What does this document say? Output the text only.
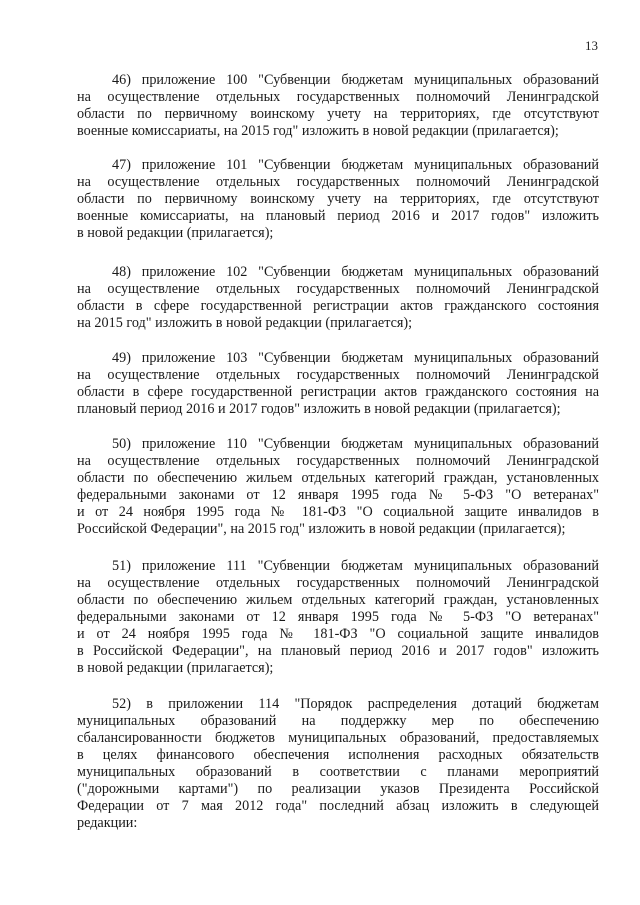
13
46) приложение 100 "Субвенции бюджетам муниципальных образований
на осуществление отдельных государственных полномочий Ленинградской
области по первичному воинскому учету на территориях, где отсутствуют
военные комиссариаты, на 2015 год" изложить в новой редакции (прилагается);
47) приложение 101 "Субвенции бюджетам муниципальных образований
на осуществление отдельных государственных полномочий Ленинградской
области по первичному воинскому учету на территориях, где отсутствуют
военные комиссариаты, на плановый период 2016 и 2017 годов" изложить
в новой редакции (прилагается);
48) приложение 102 "Субвенции бюджетам муниципальных образований
на осуществление отдельных государственных полномочий Ленинградской
области в сфере государственной регистрации актов гражданского состояния
на 2015 год" изложить в новой редакции (прилагается);
49) приложение 103 "Субвенции бюджетам муниципальных образований
на осуществление отдельных государственных полномочий Ленинградской
области в сфере государственной регистрации актов гражданского состояния на
плановый период 2016 и 2017 годов" изложить в новой редакции (прилагается);
50) приложение 110 "Субвенции бюджетам муниципальных образований
на осуществление отдельных государственных полномочий Ленинградской
области по обеспечению жильем отдельных категорий граждан, установленных
федеральными законами от 12 января 1995 года № 5-ФЗ "О ветеранах"
и от 24 ноября 1995 года № 181-ФЗ "О социальной защите инвалидов в
Российской Федерации", на 2015 год" изложить в новой редакции (прилагается);
51) приложение 111 "Субвенции бюджетам муниципальных образований
на осуществление отдельных государственных полномочий Ленинградской
области по обеспечению жильем отдельных категорий граждан, установленных
федеральными законами от 12 января 1995 года № 5-ФЗ "О ветеранах"
и от 24 ноября 1995 года № 181-ФЗ "О социальной защите инвалидов
в Российской Федерации", на плановый период 2016 и 2017 годов" изложить
в новой редакции (прилагается);
52) в приложении 114 "Порядок распределения дотаций бюджетам
муниципальных образований на поддержку мер по обеспечению
сбалансированности бюджетов муниципальных образований, предоставляемых
в целях финансового обеспечения исполнения расходных обязательств
муниципальных образований в соответствии с планами мероприятий
("дорожными картами") по реализации указов Президента Российской
Федерации от 7 мая 2012 года" последний абзац изложить в следующей
редакции:
